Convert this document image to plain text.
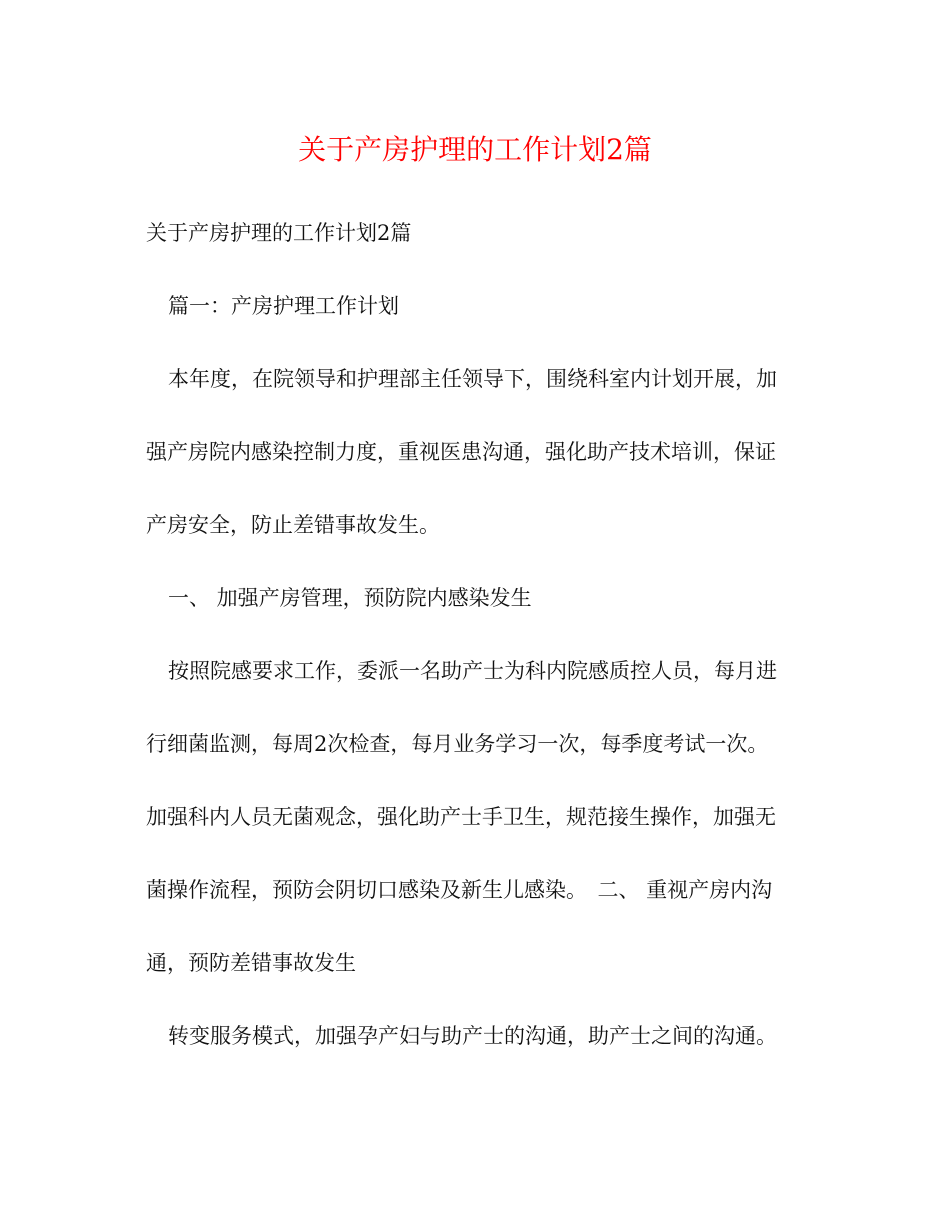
关于产房护理的工作计划2篇
关于产房护理的工作计划2篇
篇一：产房护理工作计划
本年度，在院领导和护理部主任领导下，围绕科室内计划开展，加
强产房院内感染控制力度，重视医患沟通，强化助产技术培训，保证
产房安全，防止差错事故发生。
一、 加强产房管理，预防院内感染发生
按照院感要求工作，委派一名助产士为科内院感质控人员，每月进
行细菌监测，每周2次检查，每月业务学习一次，每季度考试一次。
加强科内人员无菌观念，强化助产士手卫生，规范接生操作，加强无
菌操作流程，预防会阴切口感染及新生儿感染。　二、 重视产房内沟
通，预防差错事故发生
转变服务模式，加强孕产妇与助产士的沟通，助产士之间的沟通。
